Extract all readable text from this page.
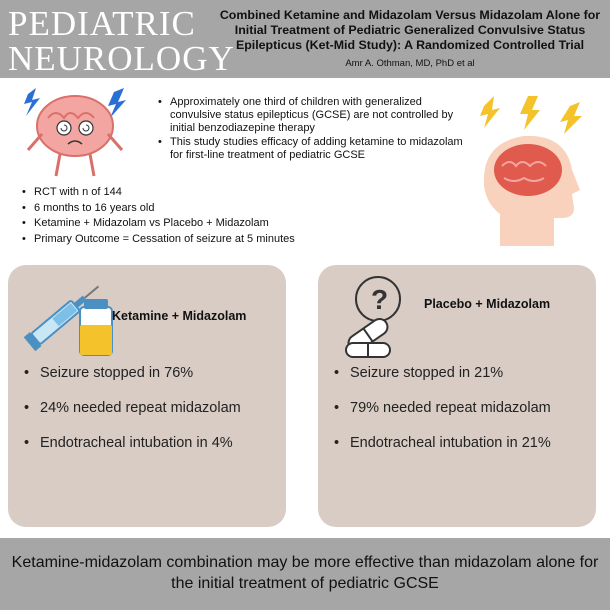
PEDIATRIC
NEUROLOGY
Combined Ketamine and Midazolam Versus Midazolam Alone for Initial Treatment of Pediatric Generalized Convulsive Status Epilepticus (Ket-Mid Study): A Randomized Controlled Trial
Amr A. Othman, MD, PhD et al
• Approximately one third of children with generalized convulsive status epilepticus (GCSE) are not controlled by initial benzodiazepine therapy
• This study studies efficacy of adding ketamine to midazolam for first-line treatment of pediatric GCSE
• RCT with n of 144
• 6 months to 16 years old
• Ketamine + Midazolam vs Placebo + Midazolam
• Primary Outcome = Cessation of seizure at 5 minutes
Ketamine + Midazolam
• Seizure stopped in 76%
• 24% needed repeat midazolam
• Endotracheal intubation in 4%
?	Placebo + Midazolam
• Seizure stopped in 21%
• 79% needed repeat midazolam
• Endotracheal intubation in 21%
Ketamine-midazolam combination may be more effective than midazolam alone for the initial treatment of pediatric GCSE
